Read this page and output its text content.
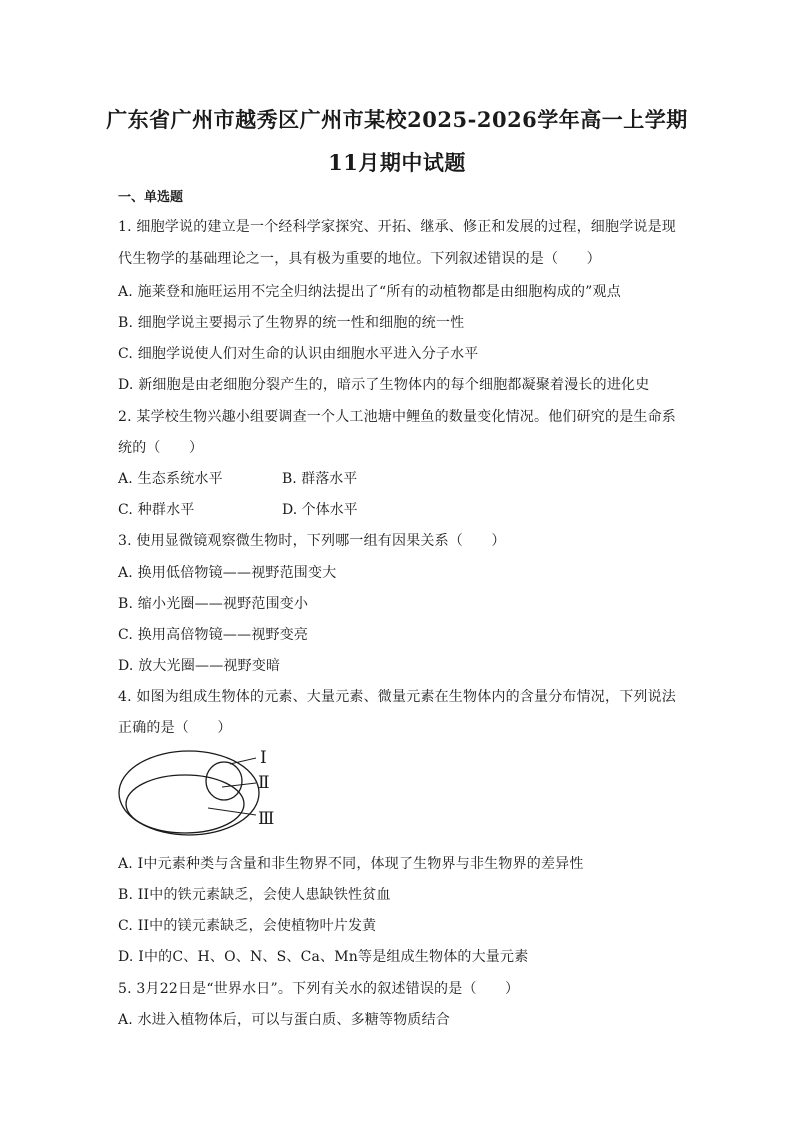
广东省广州市越秀区广州市某校2025-2026学年高一上学期
11月期中试题
一、单选题
1. 细胞学说的建立是一个经科学家探究、开拓、继承、修正和发展的过程，细胞学说是现
代生物学的基础理论之一，具有极为重要的地位。下列叙述错误的是（　　）
A. 施莱登和施旺运用不完全归纳法提出了“所有的动植物都是由细胞构成的”观点
B. 细胞学说主要揭示了生物界的统一性和细胞的统一性
C. 细胞学说使人们对生命的认识由细胞水平进入分子水平
D. 新细胞是由老细胞分裂产生的，暗示了生物体内的每个细胞都凝聚着漫长的进化史
2. 某学校生物兴趣小组要调查一个人工池塘中鲤鱼的数量变化情况。他们研究的是生命系
统的（　　）
A. 生态系统水平	B. 群落水平
C. 种群水平	D. 个体水平
3. 使用显微镜观察微生物时，下列哪一组有因果关系（　　）
A. 换用低倍物镜——视野范围变大
B. 缩小光圈——视野范围变小
C. 换用高倍物镜——视野变亮
D. 放大光圈——视野变暗
4. 如图为组成生物体的元素、大量元素、微量元素在生物体内的含量分布情况，下列说法
正确的是（　　）
Ⅰ
Ⅱ
Ⅲ
A. I中元素种类与含量和非生物界不同，体现了生物界与非生物界的差异性
B. II中的铁元素缺乏，会使人患缺铁性贫血
C. II中的镁元素缺乏，会使植物叶片发黄
D. I中的C、H、O、N、S、Ca、Mn等是组成生物体的大量元素
5. 3月22日是“世界水日”。下列有关水的叙述错误的是（　　）
A. 水进入植物体后，可以与蛋白质、多糖等物质结合
